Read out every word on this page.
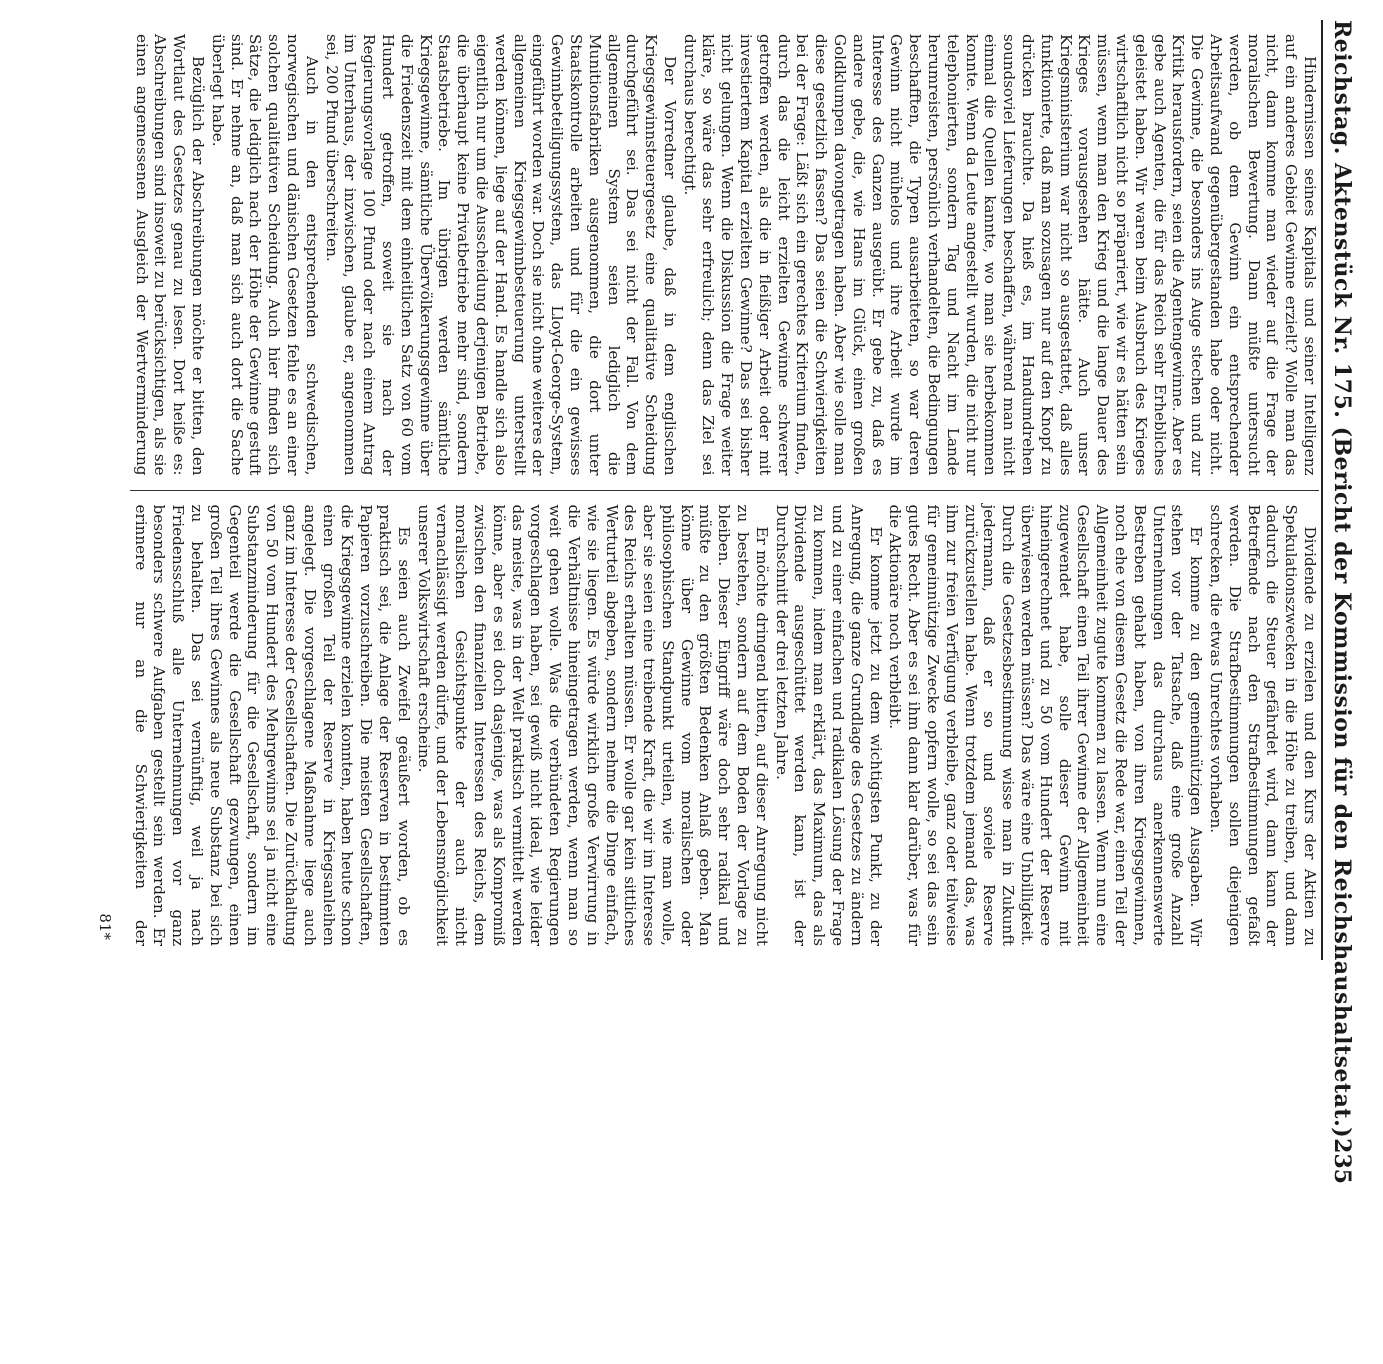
Reichstag. Aktenstück Nr. 175. (Bericht der Kommission für den Reichshaushaltsetat.)
235

Hindernissen seines Kapitals und seiner Intelligenz auf ein anderes Gebiet Gewinne erzielt? Wolle man das nicht, dann komme man wieder auf die Frage der moralischen Bewertung. Dann müßte untersucht werden, ob dem Gewinn ein entsprechender Arbeitsaufwand gegenübergestanden habe oder nicht. Die Gewinne, die besonders ins Auge stechen und zur Kritik herausfordern, seien die Agentengewinne. Aber es gebe auch Agenten, die für das Reich sehr Erhebliches geleistet haben. Wir waren beim Ausbruch des Krieges wirtschaftlich nicht so präpariert, wie wir es hätten sein müssen, wenn man den Krieg und die lange Dauer des Krieges vorausgesehen hätte. Auch unser Kriegsministerium war nicht so ausgestattet, daß alles funktionierte, daß man sozusagen nur auf den Knopf zu drücken brauchte. Da hieß es, im Handumdrehen soundsoviel Lieferungen beschaffen, während man nicht einmal die Quellen kannte, wo man sie herbekommen konnte. Wenn da Leute angestellt wurden, die nicht nur telephonierten, sondern Tag und Nacht im Lande herumreisten, persönlich verhandelten, die Bedingungen beschafften, die Typen ausarbeiteten, so war deren Gewinn nicht mühelos und ihre Arbeit wurde im Interesse des Ganzen ausgeübt. Er gebe zu, daß es andere gebe, die, wie Hans im Glück, einen großen Goldklumpen davongetragen haben. Aber wie solle man diese gesetzlich fassen? Das seien die Schwierigkeiten bei der Frage: Läßt sich ein gerechtes Kriterium finden, durch das die leicht erzielten Gewinne schwerer getroffen werden, als die in fleißiger Arbeit oder mit investiertem Kapital erzielten Gewinne? Das sei bisher nicht gelungen. Wenn die Diskussion die Frage weiter kläre, so wäre das sehr erfreulich; denn das Ziel sei durchaus berechtigt.

Der Vorredner glaube, daß in dem englischen Kriegsgewinnsteuergesetz eine qualitative Scheidung durchgeführt sei. Das sei nicht der Fall. Von dem allgemeinen System seien lediglich die Munitionsfabriken ausgenommen, die dort unter Staatskontrolle arbeiten und für die ein gewisses Gewinnbeteiligungssystem, das Lloyd-George-System, eingeführt worden war. Doch sie nicht ohne weiteres der allgemeinen Kriegsgewinnbesteuerung unterstellt werden können, liege auf der Hand. Es handle sich also eigentlich nur um die Ausscheidung derjenigen Betriebe, die überhaupt keine Privatbetriebe mehr sind, sondern Staatsbetriebe. Im übrigen werden sämtliche Kriegsgewinne, sämtliche Übervölkerungsgewinne über die Friedenszeit mit dem einheitlichen Satz von 60 vom Hundert getroffen, soweit sie nach der Regierungsvorlage 100 Pfund oder nach einem Antrag im Unterhaus, der inzwischen, glaube er, angenommen sei, 200 Pfund überschreiten.

Auch in den entsprechenden schwedischen, norwegischen und dänischen Gesetzen fehle es an einer solchen qualitativen Scheidung. Auch hier finden sich Sätze, die lediglich nach der Höhe der Gewinne gestuft sind. Er nehme an, daß man sich auch dort die Sache überlegt habe.

Bezüglich der Abschreibungen möchte er bitten, den Wortlaut des Gesetzes genau zu lesen. Dort heiße es: Abschreibungen sind insoweit zu berücksichtigen, als sie einen angemessenen Ausgleich der Wertverminderung

Dividende zu erzielen und den Kurs der Aktien zu Spekulationszwecken in die Höhe zu treiben, und dann dadurch die Steuer gefährdet wird, dann kann der Betreffende nach den Strafbestimmungen gefaßt werden. Die Strafbestimmungen sollen diejenigen schrecken, die etwas Unrechtes vorhaben.

Er komme zu den gemeinnützigen Ausgaben. Wir stehen vor der Tatsache, daß eine große Anzahl Unternehmungen das durchaus anerkennenswerte Bestreben gehabt haben, von ihren Kriegsgewinnen, noch ehe von diesem Gesetz die Rede war, einen Teil der Allgemeinheit zugute kommen zu lassen. Wenn nun eine Gesellschaft einen Teil ihrer Gewinne der Allgemeinheit zugewendet habe, solle dieser Gewinn mit hineingerechnet und zu 50 vom Hundert der Reserve überwiesen werden müssen? Das wäre eine Unbilligkeit. Durch die Gesetzesbestimmung wisse man in Zukunft jedermann, daß er so und soviele Reserve zurückzustellen habe. Wenn trotzdem jemand das, was ihm zur freien Verfügung verbleibe, ganz oder teilweise für gemeinnützige Zwecke opfern wolle, so sei das sein gutes Recht. Aber es sei ihm dann klar darüber, was für die Aktionäre noch verbleibt.

Er komme jetzt zu dem wichtigsten Punkt, zu der Anregung, die ganze Grundlage des Gesetzes zu ändern und zu einer einfachen und radikalen Lösung der Frage zu kommen, indem man erklärt, das Maximum, das als Dividende ausgeschüttet werden kann, ist der Durchschnitt der drei letzten Jahre.

Er möchte dringend bitten, auf dieser Anregung nicht zu bestehen, sondern auf dem Boden der Vorlage zu bleiben. Dieser Eingriff wäre doch sehr radikal und müßte zu den größten Bedenken Anlaß geben. Man könne über Gewinne vom moralischen oder philosophischen Standpunkt urteilen, wie man wolle, aber sie seien eine treibende Kraft, die wir im Interesse des Reichs erhalten müssen. Er wolle gar kein sittliches Werturteil abgeben, sondern nehme die Dinge einfach, wie sie liegen. Es würde wirklich große Verwirrung in die Verhältnisse hineingetragen werden, wenn man so weit gehen wolle. Was die verbündeten Regierungen vorgeschlagen haben, sei gewiß nicht ideal, wie leider das meiste, was in der Welt praktisch vermittelt werden könne, aber es sei doch dasjenige, was als Kompromiß zwischen den finanziellen Interessen des Reichs, dem moralischen Gesichtspunkte der auch nicht vernachlässigt werden dürfe, und der Lebensmöglichkeit unserer Volkswirtschaft erscheine.

Es seien auch Zweifel geäußert worden, ob es praktisch sei, die Anlage der Reserven in bestimmten Papieren vorzuschreiben. Die meisten Gesellschaften, die Kriegsgewinne erzielen konnten, haben heute schon einen großen Teil der Reserve in Kriegsanleihen angelegt. Die vorgeschlagene Maßnahme liege auch ganz im Interesse der Gesellschaften. Die Zurückhaltung von 50 vom Hundert des Mehrgewinns sei ja nicht eine Substanzminderung für die Gesellschaft, sondern im Gegenteil werde die Gesellschaft gezwungen, einen großen Teil ihres Gewinnes als neue Substanz bei sich zu behalten. Das sei vernünftig, weil ja nach Friedensschluß alle Unternehmungen vor ganz besonders schwere Aufgaben gestellt sein werden. Er erinnere nur an die Schwierigkeiten der

81*
